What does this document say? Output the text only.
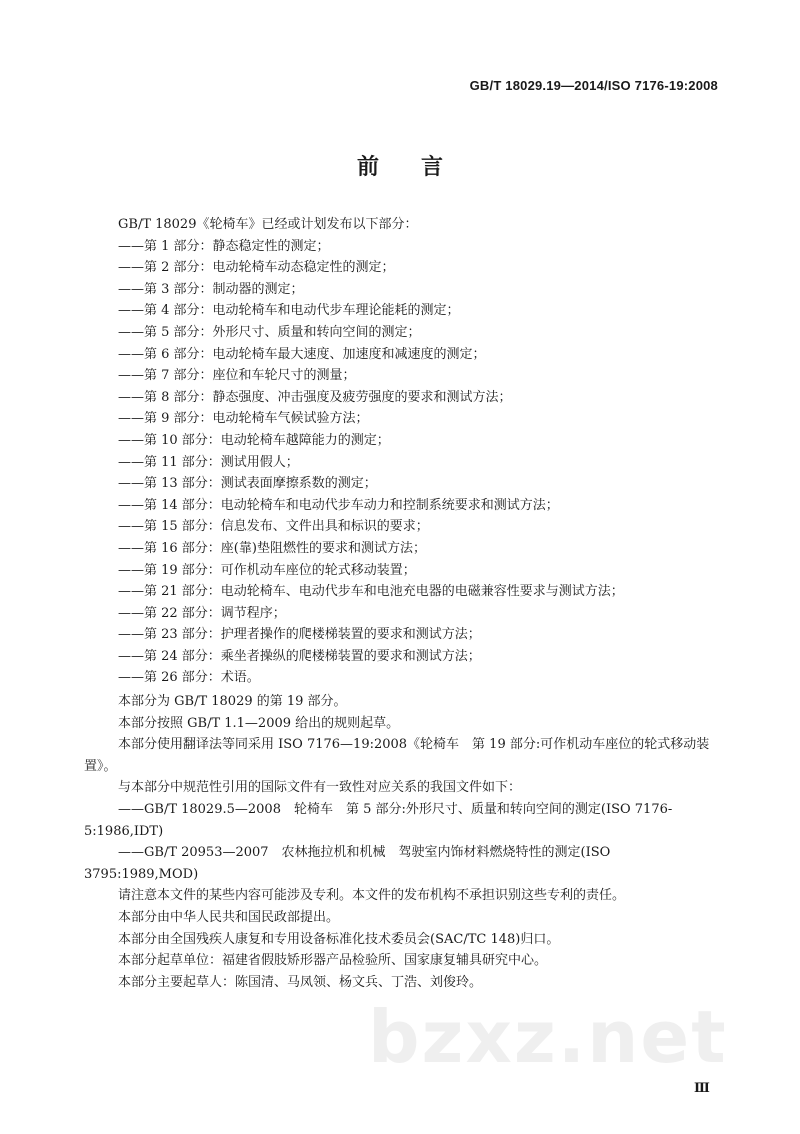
GB/T 18029.19—2014/ISO 7176-19:2008
前言
GB/T 18029《轮椅车》已经或计划发布以下部分：
——第 1 部分：静态稳定性的测定；
——第 2 部分：电动轮椅车动态稳定性的测定；
——第 3 部分：制动器的测定；
——第 4 部分：电动轮椅车和电动代步车理论能耗的测定；
——第 5 部分：外形尺寸、质量和转向空间的测定；
——第 6 部分：电动轮椅车最大速度、加速度和减速度的测定；
——第 7 部分：座位和车轮尺寸的测量；
——第 8 部分：静态强度、冲击强度及疲劳强度的要求和测试方法；
——第 9 部分：电动轮椅车气候试验方法；
——第 10 部分：电动轮椅车越障能力的测定；
——第 11 部分：测试用假人；
——第 13 部分：测试表面摩擦系数的测定；
——第 14 部分：电动轮椅车和电动代步车动力和控制系统要求和测试方法；
——第 15 部分：信息发布、文件出具和标识的要求；
——第 16 部分：座(靠)垫阻燃性的要求和测试方法；
——第 19 部分：可作机动车座位的轮式移动装置；
——第 21 部分：电动轮椅车、电动代步车和电池充电器的电磁兼容性要求与测试方法；
——第 22 部分：调节程序；
——第 23 部分：护理者操作的爬楼梯装置的要求和测试方法；
——第 24 部分：乘坐者操纵的爬楼梯装置的要求和测试方法；
——第 26 部分：术语。
本部分为 GB/T 18029 的第 19 部分。
本部分按照 GB/T 1.1—2009 给出的规则起草。
本部分使用翻译法等同采用 ISO 7176—19:2008《轮椅车　第 19 部分:可作机动车座位的轮式移动装置》。
与本部分中规范性引用的国际文件有一致性对应关系的我国文件如下：
——GB/T 18029.5—2008　轮椅车　第 5 部分:外形尺寸、质量和转向空间的测定(ISO 7176-5:1986,IDT)
——GB/T 20953—2007　农林拖拉机和机械　驾驶室内饰材料燃烧特性的测定(ISO 3795:1989,MOD)
请注意本文件的某些内容可能涉及专利。本文件的发布机构不承担识别这些专利的责任。
本部分由中华人民共和国民政部提出。
本部分由全国残疾人康复和专用设备标准化技术委员会(SAC/TC 148)归口。
本部分起草单位：福建省假肢矫形器产品检验所、国家康复辅具研究中心。
本部分主要起草人：陈国清、马凤领、杨文兵、丁浩、刘俊玲。
bzxz.net
Ⅲ
